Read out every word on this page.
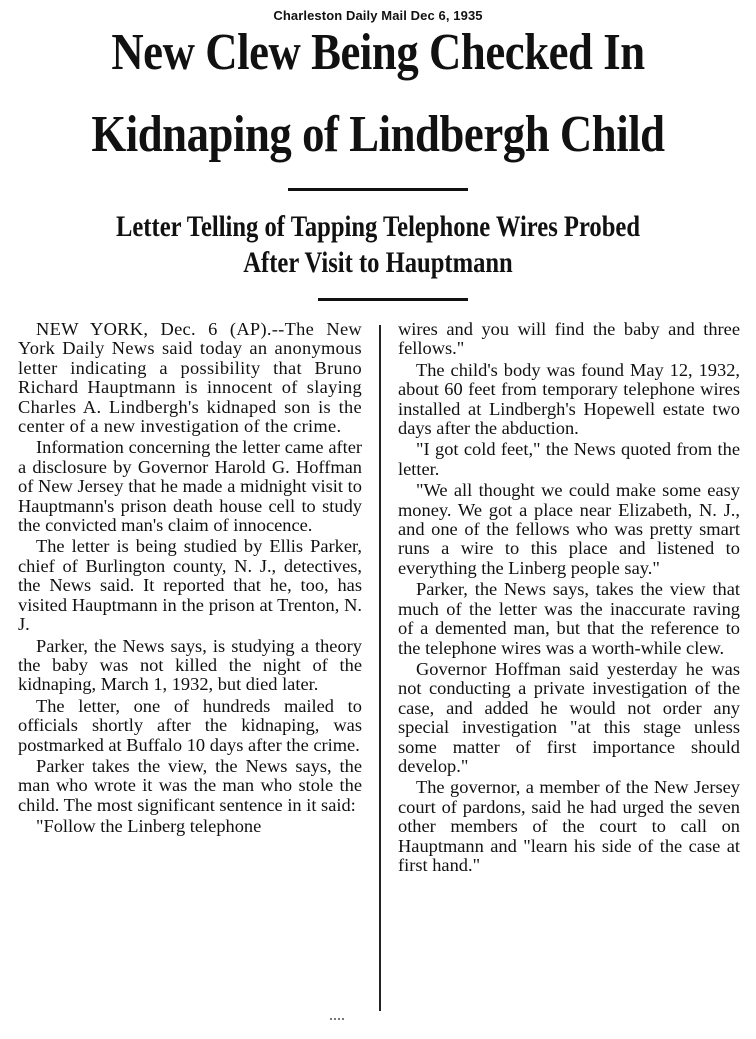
Charleston Daily Mail Dec 6, 1935
New Clew Being Checked In
Kidnaping of Lindbergh Child
Letter Telling of Tapping Telephone Wires Probed
After Visit to Hauptmann

NEW YORK, Dec. 6 (AP).--The New York Daily News said today an anonymous letter indicating a possibility that Bruno Richard Hauptmann is innocent of slaying Charles A. Lindbergh's kidnaped son is the center of a new investigation of the crime.

Information concerning the letter came after a disclosure by Governor Harold G. Hoffman of New Jersey that he made a midnight visit to Hauptmann's prison death house cell to study the convicted man's claim of innocence.

The letter is being studied by Ellis Parker, chief of Burlington county, N. J., detectives, the News said. It reported that he, too, has visited Hauptmann in the prison at Trenton, N. J.

Parker, the News says, is studying a theory the baby was not killed the night of the kidnaping, March 1, 1932, but died later.

The letter, one of hundreds mailed to officials shortly after the kidnaping, was postmarked at Buffalo 10 days after the crime.

Parker takes the view, the News says, the man who wrote it was the man who stole the child. The most significant sentence in it said:

"Follow the Linberg telephone

wires and you will find the baby and three fellows."

The child's body was found May 12, 1932, about 60 feet from temporary telephone wires installed at Lindbergh's Hopewell estate two days after the abduction.

"I got cold feet," the News quoted from the letter.

"We all thought we could make some easy money. We got a place near Elizabeth, N. J., and one of the fellows who was pretty smart runs a wire to this place and listened to everything the Linberg people say."

Parker, the News says, takes the view that much of the letter was the inaccurate raving of a demented man, but that the reference to the telephone wires was a worth-while clew.

Governor Hoffman said yesterday he was not conducting a private investigation of the case, and added he would not order any special investigation "at this stage unless some matter of first importance should develop."

The governor, a member of the New Jersey court of pardons, said he had urged the seven other members of the court to call on Hauptmann and "learn his side of the case at first hand."
